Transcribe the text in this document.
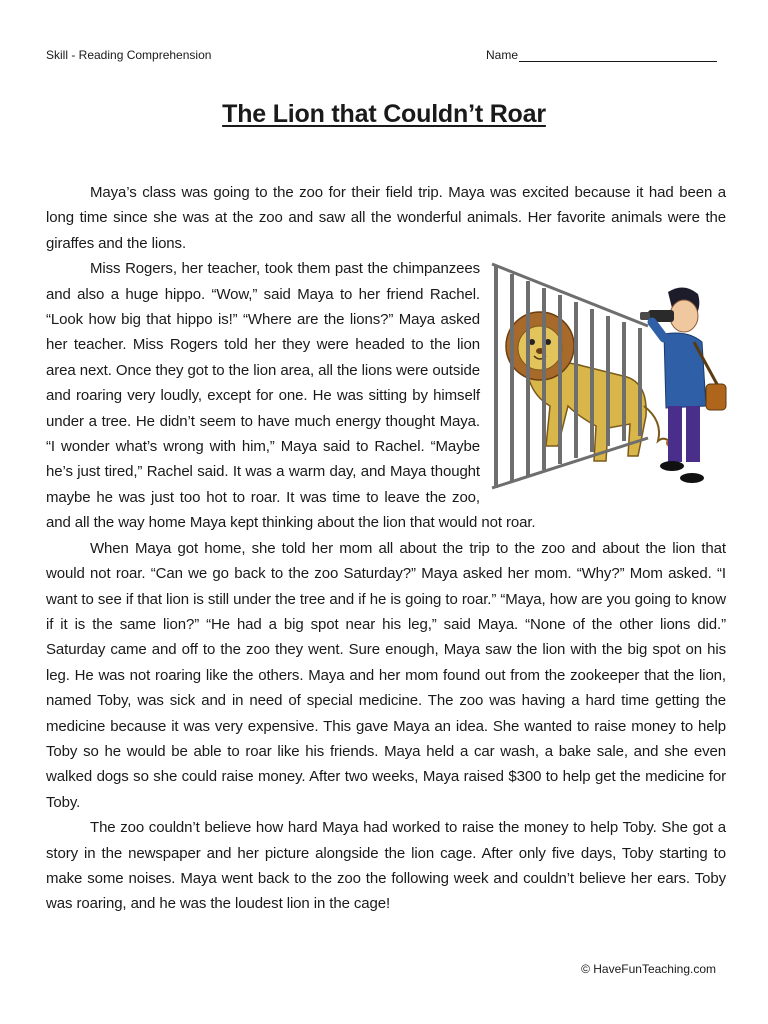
Skill - Reading Comprehension	Name
The Lion that Couldn’t Roar

Maya’s class was going to the zoo for their field trip. Maya was excited because it had been a long time since she was at the zoo and saw all the wonderful animals. Her favorite animals were the giraffes and the lions.

Miss Rogers, her teacher, took them past the chimpanzees and also a huge hippo. “Wow,” said Maya to her friend Rachel. “Look how big that hippo is!” “Where are the lions?” Maya asked her teacher. Miss Rogers told her they were headed to the lion area next. Once they got to the lion area, all the lions were outside and roaring very loudly, except for one. He was sitting by himself under a tree. He didn’t seem to have much energy thought Maya. “I wonder what’s wrong with him,” Maya said to Rachel. “Maybe he’s just tired,” Rachel said. It was a warm day, and Maya thought maybe he was just too hot to roar. It was time to leave the zoo, and all the way home Maya kept thinking about the lion that would not roar.

When Maya got home, she told her mom all about the trip to the zoo and about the lion that would not roar. “Can we go back to the zoo Saturday?” Maya asked her mom. “Why?” Mom asked. “I want to see if that lion is still under the tree and if he is going to roar.” “Maya, how are you going to know if it is the same lion?” “He had a big spot near his leg,” said Maya. “None of the other lions did.” Saturday came and off to the zoo they went. Sure enough, Maya saw the lion with the big spot on his leg. He was not roaring like the others. Maya and her mom found out from the zookeeper that the lion, named Toby, was sick and in need of special medicine. The zoo was having a hard time getting the medicine because it was very expensive. This gave Maya an idea. She wanted to raise money to help Toby so he would be able to roar like his friends. Maya held a car wash, a bake sale, and she even walked dogs so she could raise money. After two weeks, Maya raised $300 to help get the medicine for Toby.

The zoo couldn’t believe how hard Maya had worked to raise the money to help Toby. She got a story in the newspaper and her picture alongside the lion cage. After only five days, Toby starting to make some noises. Maya went back to the zoo the following week and couldn’t believe her ears. Toby was roaring, and he was the loudest lion in the cage!

© HaveFunTeaching.com
